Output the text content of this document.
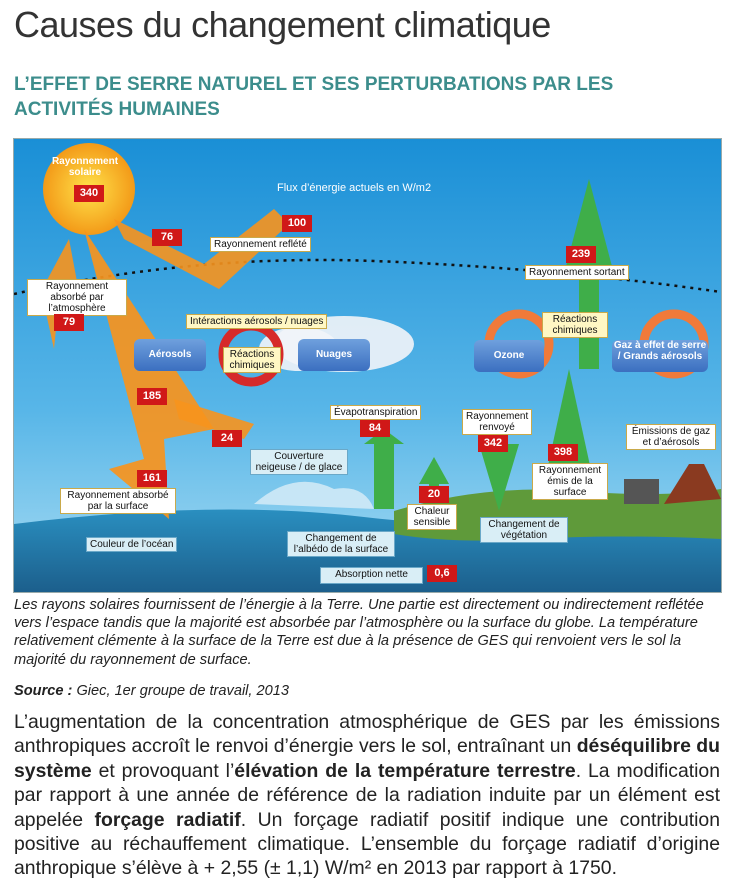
Causes du changement climatique
L’EFFET DE SERRE NATUREL ET SES PERTURBATIONS PAR LES ACTIVITÉS HUMAINES
Flux d’énergie actuels en W/m2
Rayonnement solaire
340
76
100
Rayonnement reflété
Rayonnement absorbé par l’atmosphère
79	Intéractions aérosols / nuages
Aérosols	Réactions chimiques
Nuages
185
24
161
Rayonnement absorbé par la surface
Évapotranspiration
84
Couverture neigeuse / de glace
20
Chaleur sensible
Couleur de l’océan
Changement de l’albédo de la surface
Absorption nette	0,6
239
Rayonnement sortant
Réactions chimiques
Ozone
Gaz à effet de serre / Grands aérosols
Rayonnement renvoyé
342
398
Rayonnement émis de la surface
Changement de végétation
Émissions de gaz et d’aérosols
Les rayons solaires fournissent de l’énergie à la Terre. Une partie est directement ou indirectement reflétée vers l’espace tandis que la majorité est absorbée par l’atmosphère ou la surface du globe. La température relativement clémente à la surface de la Terre est due à la présence de GES qui renvoient vers le sol la majorité du rayonnement de surface.
Source : Giec, 1er groupe de travail, 2013
L’augmentation de la concentration atmosphérique de GES par les émissions anthropiques accroît le renvoi d’énergie vers le sol, entraînant un déséquilibre du système et provoquant l’élévation de la température terrestre. La modification par rapport à une année de référence de la radiation induite par un élément est appelée forçage radiatif. Un forçage radiatif positif indique une contribution positive au réchauffement climatique. L’ensemble du forçage radiatif d’origine anthropique s’élève à + 2,55 (± 1,1) W/m² en 2013 par rapport à 1750.
